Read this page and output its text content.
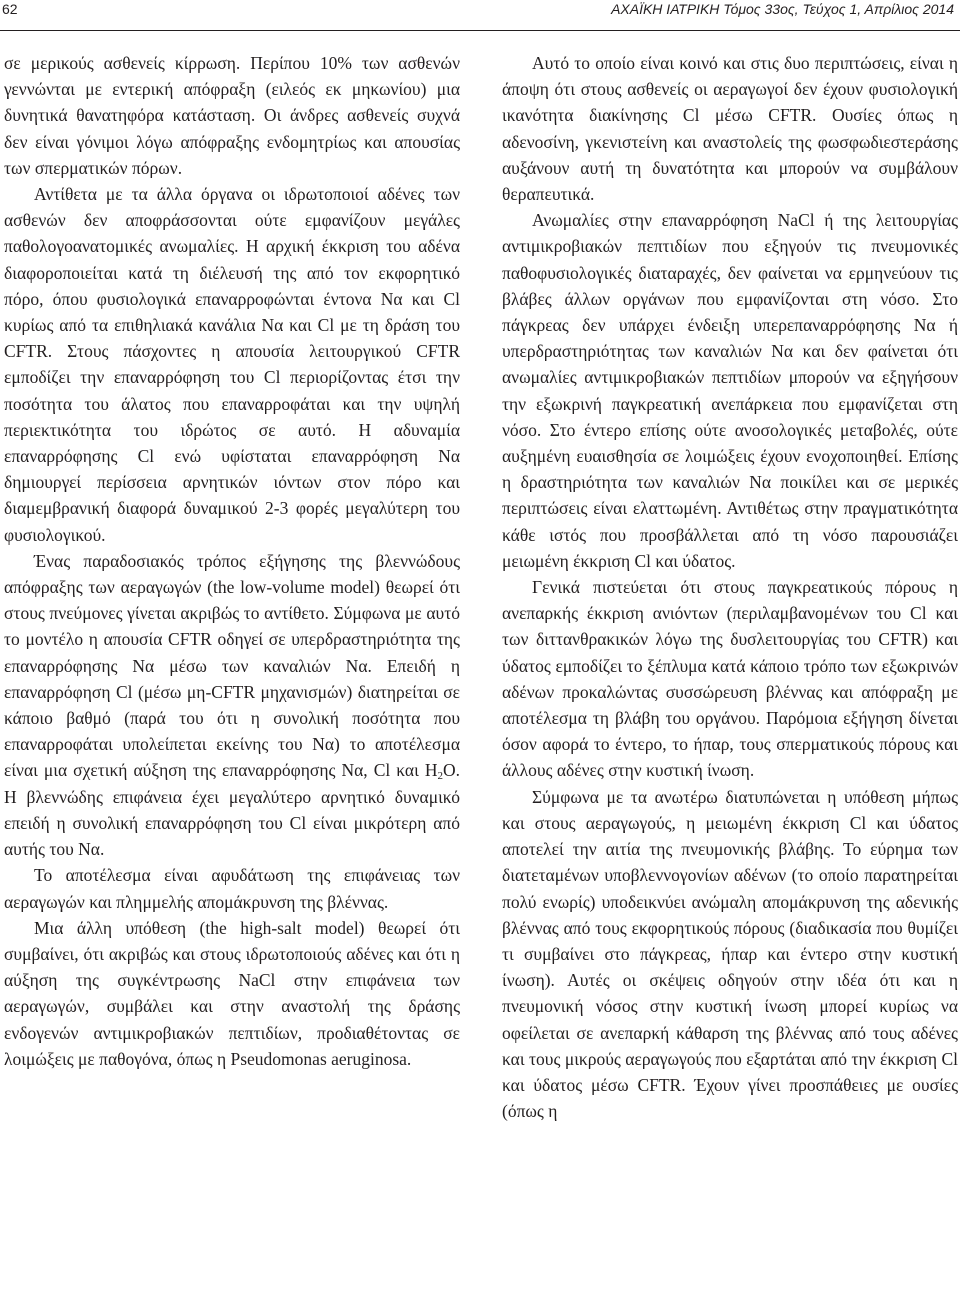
62	ΑΧΑΪΚΗ ΙΑΤΡΙΚΗ Τόμος 33ος, Τεύχος 1, Απρίλιος 2014

σε μερικούς ασθενείς κίρρωση. Περίπου 10% των ασθενών γεννώνται με εντερική απόφραξη (ειλεός εκ μηκωνίου) μια δυνητικά θανατηφόρα κατάσταση. Οι άνδρες ασθενείς συχνά δεν είναι γόνιμοι λόγω απόφραξης ενδομητρίως και απουσίας των σπερματικών πόρων.

Αντίθετα με τα άλλα όργανα οι ιδρωτοποιοί αδένες των ασθενών δεν αποφράσσονται ούτε εμφανίζουν μεγάλες παθολογοανατομικές ανωμαλίες. Η αρχική έκκριση του αδένα διαφοροποιείται κατά τη διέλευσή της από τον εκφορητικό πόρο, όπου φυσιολογικά επαναρροφώνται έντονα Να και Cl κυρίως από τα επιθηλιακά κανάλια Να και Cl με τη δράση του CFTR. Στους πάσχοντες η απουσία λειτουργικού CFTR εμποδίζει την επαναρρόφηση του Cl περιορίζοντας έτσι την ποσότητα του άλατος που επαναρροφάται και την υψηλή περιεκτικότητα του ιδρώτος σε αυτό. Η αδυναμία επαναρρόφησης Cl ενώ υφίσταται επαναρρόφηση Να δημιουργεί περίσσεια αρνητικών ιόντων στον πόρο και διαμεμβρανική διαφορά δυναμικού 2-3 φορές μεγαλύτερη του φυσιολογικού.

Ένας παραδοσιακός τρόπος εξήγησης της βλεννώδους απόφραξης των αεραγωγών (the low-volume model) θεωρεί ότι στους πνεύμονες γίνεται ακριβώς το αντίθετο. Σύμφωνα με αυτό το μοντέλο η απουσία CFTR οδηγεί σε υπερδραστηριότητα της επαναρρόφησης Να μέσω των καναλιών Να. Επειδή η επαναρρόφηση Cl (μέσω μη-CFTR μηχανισμών) διατηρείται σε κάποιο βαθμό (παρά του ότι η συνολική ποσότητα που επαναρροφάται υπολείπεται εκείνης του Να) το αποτέλεσμα είναι μια σχετική αύξηση της επαναρρόφησης Να, Cl και $H_2O$. Η βλεννώδης επιφάνεια έχει μεγαλύτερο αρνητικό δυναμικό επειδή η συνολική επαναρρόφηση του Cl είναι μικρότερη από αυτής του Να.

Το αποτέλεσμα είναι αφυδάτωση της επιφάνειας των αεραγωγών και πλημμελής απομάκρυνση της βλέννας.

Μια άλλη υπόθεση (the high-salt model) θεωρεί ότι συμβαίνει, ότι ακριβώς και στους ιδρωτοποιούς αδένες και ότι η αύξηση της συγκέντρωσης NaCl στην επιφάνεια των αεραγωγών, συμβάλει και στην αναστολή της δράσης ενδογενών αντιμικροβιακών πεπτιδίων, προδιαθέτοντας σε λοιμώξεις με παθογόνα, όπως η Pseudomonas aeruginosa.

Αυτό το οποίο είναι κοινό και στις δυο περιπτώσεις, είναι η άποψη ότι στους ασθενείς οι αεραγωγοί δεν έχουν φυσιολογική ικανότητα διακίνησης Cl μέσω CFTR. Ουσίες όπως η αδενοσίνη, γκενιστείνη και αναστολείς της φωσφωδιεστεράσης αυξάνουν αυτή τη δυνατότητα και μπορούν να συμβάλουν θεραπευτικά.

Ανωμαλίες στην επαναρρόφηση NaCl ή της λειτουργίας αντιμικροβιακών πεπτιδίων που εξηγούν τις πνευμονικές παθοφυσιολογικές διαταραχές, δεν φαίνεται να ερμηνεύουν τις βλάβες άλλων οργάνων που εμφανίζονται στη νόσο. Στο πάγκρεας δεν υπάρχει ένδειξη υπερεπαναρρόφησης Να ή υπερδραστηριότητας των καναλιών Να και δεν φαίνεται ότι ανωμαλίες αντιμικροβιακών πεπτιδίων μπορούν να εξηγήσουν την εξωκρινή παγκρεατική ανεπάρκεια που εμφανίζεται στη νόσο. Στο έντερο επίσης ούτε ανοσολογικές μεταβολές, ούτε αυξημένη ευαισθησία σε λοιμώξεις έχουν ενοχοποιηθεί. Επίσης η δραστηριότητα των καναλιών Να ποικίλει και σε μερικές περιπτώσεις είναι ελαττωμένη. Αντιθέτως στην πραγματικότητα κάθε ιστός που προσβάλλεται από τη νόσο παρουσιάζει μειωμένη έκκριση Cl και ύδατος.

Γενικά πιστεύεται ότι στους παγκρεατικούς πόρους η ανεπαρκής έκκριση ανιόντων (περιλαμβανομένων του Cl και των διττανθρακικών λόγω της δυσλειτουργίας του CFTR) και ύδατος εμποδίζει το ξέπλυμα κατά κάποιο τρόπο των εξωκρινών αδένων προκαλώντας συσσώρευση βλέννας και απόφραξη με αποτέλεσμα τη βλάβη του οργάνου. Παρόμοια εξήγηση δίνεται όσον αφορά το έντερο, το ήπαρ, τους σπερματικούς πόρους και άλλους αδένες στην κυστική ίνωση.

Σύμφωνα με τα ανωτέρω διατυπώνεται η υπόθεση μήπως και στους αεραγωγούς, η μειωμένη έκκριση Cl και ύδατος αποτελεί την αιτία της πνευμονικής βλάβης. Το εύρημα των διατεταμένων υποβλεννογονίων αδένων (το οποίο παρατηρείται πολύ ενωρίς) υποδεικνύει ανώμαλη απομάκρυνση της αδενικής βλέννας από τους εκφορητικούς πόρους (διαδικασία που θυμίζει τι συμβαίνει στο πάγκρεας, ήπαρ και έντερο στην κυστική ίνωση). Αυτές οι σκέψεις οδηγούν στην ιδέα ότι και η πνευμονική νόσος στην κυστική ίνωση μπορεί κυρίως να οφείλεται σε ανεπαρκή κάθαρση της βλέννας από τους αδένες και τους μικρούς αεραγωγούς που εξαρτάται από την έκκριση Cl και ύδατος μέσω CFTR. Έχουν γίνει προσπάθειες με ουσίες (όπως η
